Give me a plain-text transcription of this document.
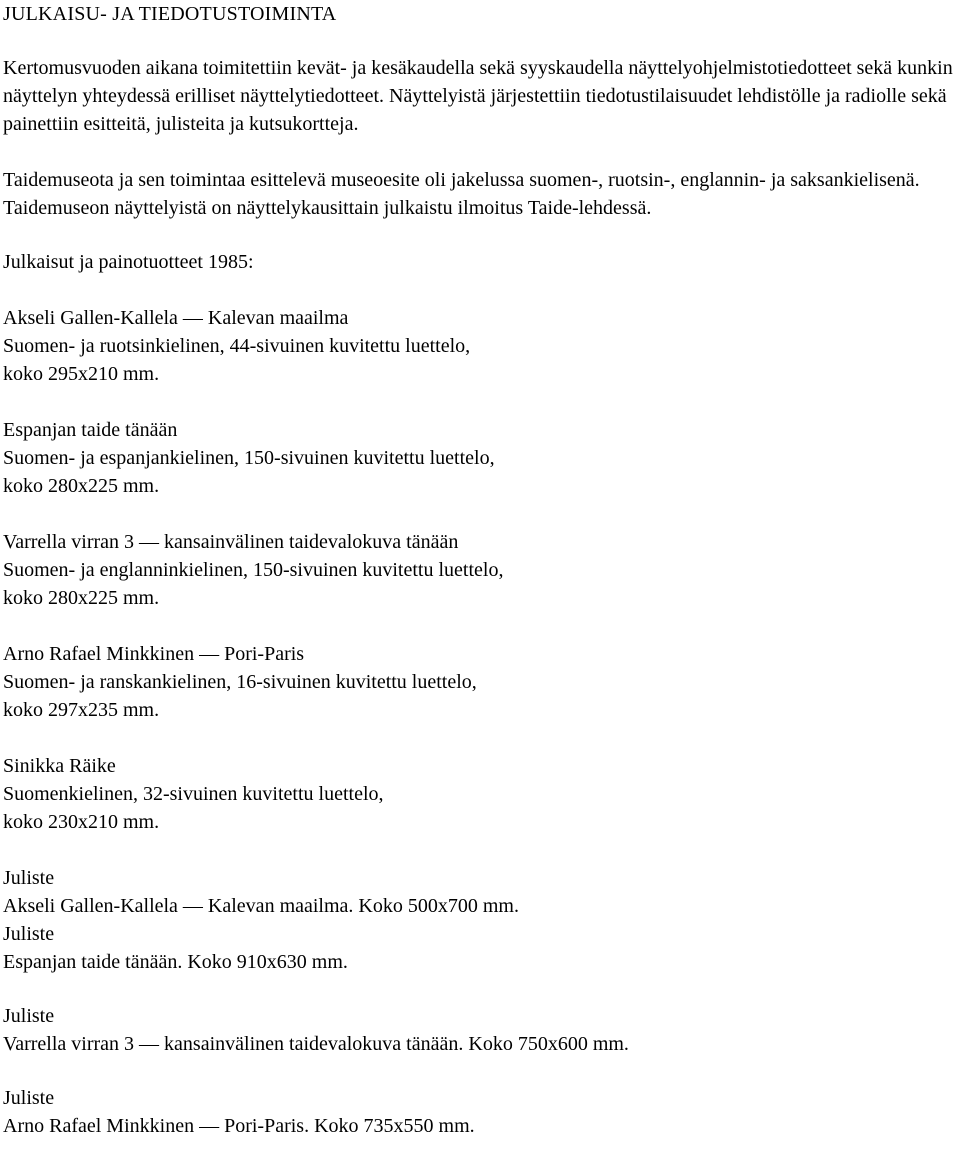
JULKAISU- JA TIEDOTUSTOIMINTA

Kertomusvuoden aikana toimitettiin kevät- ja kesäkaudella sekä syyskaudella näyttelyohjelmistotiedotteet sekä kunkin näyttelyn yhteydessä erilliset näyttelytiedotteet. Näyttelyistä järjestettiin tiedotustilaisuudet lehdistölle ja radiolle sekä painettiin esitteitä, julisteita ja kutsukortteja.

Taidemuseota ja sen toimintaa esittelevä museoesite oli jakelussa suomen-, ruotsin-, englannin- ja saksankielisenä. Taidemuseon näyttelyistä on näyttelykausittain julkaistu ilmoitus Taide-lehdessä.

Julkaisut ja painotuotteet 1985:

Akseli Gallen-Kallela — Kalevan maailma
Suomen- ja ruotsinkielinen, 44-sivuinen kuvitettu luettelo,
koko 295x210 mm.
Espanjan taide tänään
Suomen- ja espanjankielinen, 150-sivuinen kuvitettu luettelo,
koko 280x225 mm.
Varrella virran 3 — kansainvälinen taidevalokuva tänään
Suomen- ja englanninkielinen, 150-sivuinen kuvitettu luettelo,
koko 280x225 mm.
Arno Rafael Minkkinen — Pori-Paris
Suomen- ja ranskankielinen, 16-sivuinen kuvitettu luettelo,
koko 297x235 mm.
Sinikka Räike
Suomenkielinen, 32-sivuinen kuvitettu luettelo,
koko 230x210 mm.
Juliste
Akseli Gallen-Kallela — Kalevan maailma. Koko 500x700 mm.
Juliste
Espanjan taide tänään. Koko 910x630 mm.
Juliste
Varrella virran 3 — kansainvälinen taidevalokuva tänään. Koko 750x600 mm.
Juliste
Arno Rafael Minkkinen — Pori-Paris. Koko 735x550 mm.
